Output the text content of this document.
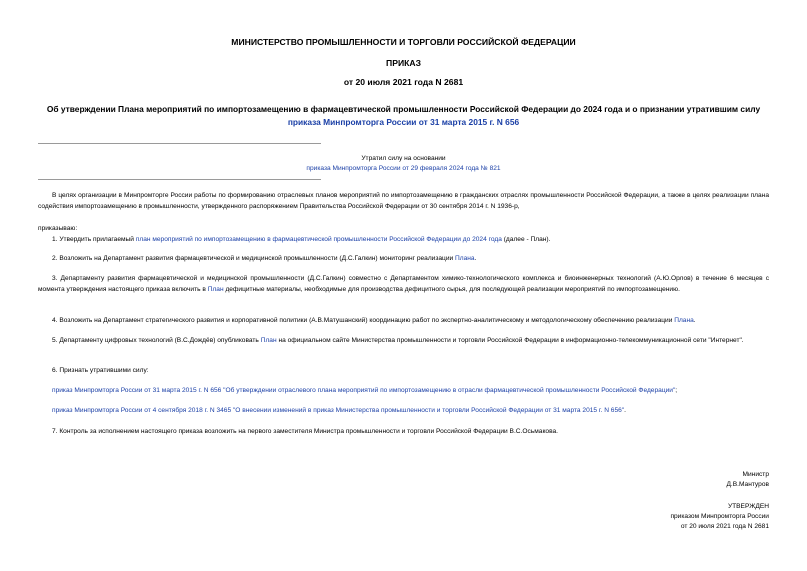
МИНИСТЕРСТВО ПРОМЫШЛЕННОСТИ И ТОРГОВЛИ РОССИЙСКОЙ ФЕДЕРАЦИИ
ПРИКАЗ
от 20 июля 2021 года N 2681
Об утверждении Плана мероприятий по импортозамещению в фармацевтической промышленности Российской Федерации до 2024 года и о признании утратившим силу приказа Минпромторга России от 31 марта 2015 г. N 656
Утратил силу на основании
приказа Минпромторга России от 29 февраля 2024 года № 821
В целях организации в Минпромторге России работы по формированию отраслевых планов мероприятий по импортозамещению в гражданских отраслях промышленности Российской Федерации, а также в целях реализации плана содействия импортозамещению в промышленности, утвержденного распоряжением Правительства Российской Федерации от 30 сентября 2014 г. N 1936-р,
приказываю:
1. Утвердить прилагаемый план мероприятий по импортозамещению в фармацевтической промышленности Российской Федерации до 2024 года (далее - План).
2. Возложить на Департамент развития фармацевтической и медицинской промышленности (Д.С.Галкин) мониторинг реализации Плана.
3. Департаменту развития фармацевтической и медицинской промышленности (Д.С.Галкин) совместно с Департаментом химико-технологического комплекса и биоинженерных технологий (А.Ю.Орлов) в течение 6 месяцев с момента утверждения настоящего приказа включить в План дефицитные материалы, необходимые для производства дефицитного сырья, для последующей реализации мероприятий по импортозамещению.
4. Возложить на Департамент стратегического развития и корпоративной политики (А.В.Матушанский) координацию работ по экспертно-аналитическому и методологическому обеспечению реализации Плана.
5. Департаменту цифровых технологий (В.С.Дождёв) опубликовать План на официальном сайте Министерства промышленности и торговли Российской Федерации в информационно-телекоммуникационной сети "Интернет".
6. Признать утратившими силу:
приказ Минпромторга России от 31 марта 2015 г. N 656 "Об утверждении отраслевого плана мероприятий по импортозамещению в отрасли фармацевтической промышленности Российской Федерации";
приказ Минпромторга России от 4 сентября 2018 г. N 3465 "О внесении изменений в приказ Министерства промышленности и торговли Российской Федерации от 31 марта 2015 г. N 656".
7. Контроль за исполнением настоящего приказа возложить на первого заместителя Министра промышленности и торговли Российской Федерации В.С.Осьмакова.
Министр
Д.В.Мантуров
УТВЕРЖДЕН
приказом Минпромторга России
от 20 июля 2021 года N 2681
